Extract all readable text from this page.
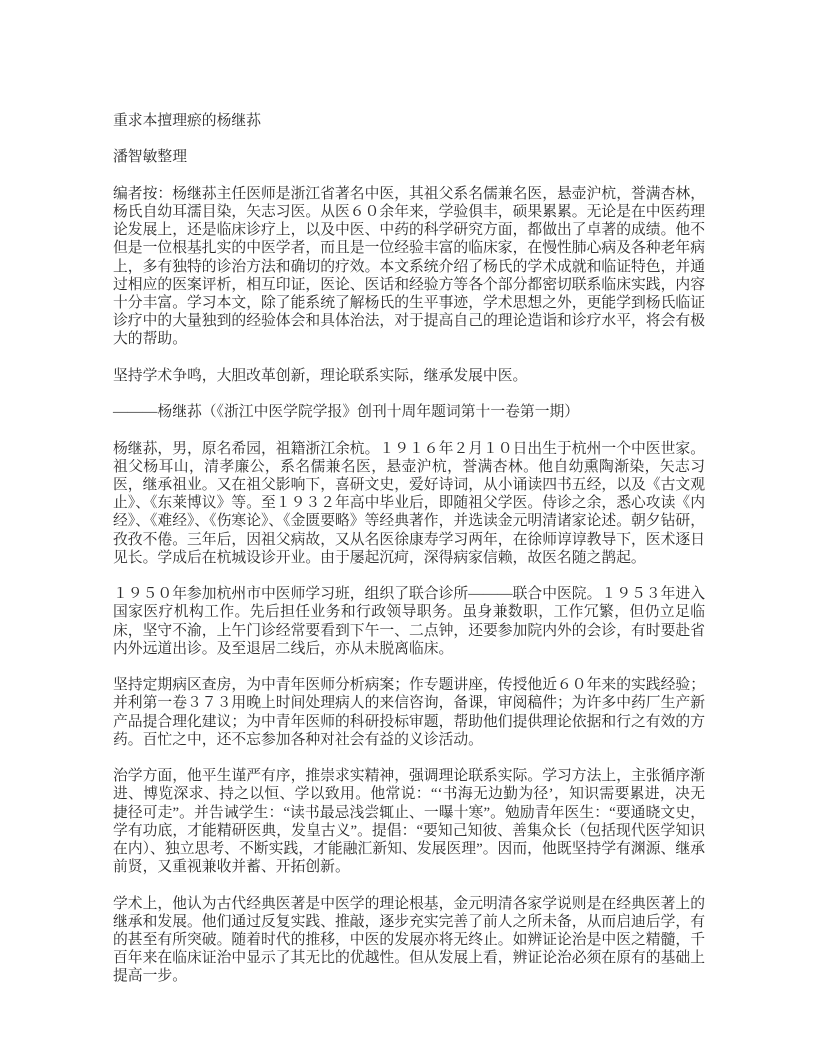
重求本擅理瘀的杨继荪

潘智敏整理

编者按：杨继荪主任医师是浙江省著名中医，其祖父系名儒兼名医，悬壶沪杭，誉满杏林，杨氏自幼耳濡目染，矢志习医。从医６０余年来，学验俱丰，硕果累累。无论是在中医药理论发展上，还是临床诊疗上，以及中医、中药的科学研究方面，都做出了卓著的成绩。他不但是一位根基扎实的中医学者，而且是一位经验丰富的临床家，在慢性肺心病及各种老年病上，多有独特的诊治方法和确切的疗效。本文系统介绍了杨氏的学术成就和临证特色，并通过相应的医案评析，相互印证，医论、医话和经验方等各个部分都密切联系临床实践，内容十分丰富。学习本文，除了能系统了解杨氏的生平事迹，学术思想之外，更能学到杨氏临证诊疗中的大量独到的经验体会和具体治法，对于提高自己的理论造诣和诊疗水平，将会有极大的帮助。

坚持学术争鸣，大胆改革创新，理论联系实际，继承发展中医。

———杨继荪（《浙江中医学院学报》创刊十周年题词第十一卷第一期）

杨继荪，男，原名希园，祖籍浙江余杭。１９１６年２月１０日出生于杭州一个中医世家。祖父杨耳山，清孝廉公，系名儒兼名医，悬壶沪杭，誉满杏林。他自幼熏陶渐染，矢志习医，继承祖业。又在祖父影响下，喜研文史，爱好诗词，从小诵读四书五经，以及《古文观止》、《东莱博议》等。至１９３２年高中毕业后，即随祖父学医。侍诊之余，悉心攻读《内经》、《难经》、《伤寒论》、《金匮要略》等经典著作，并选读金元明清诸家论述。朝夕钻研，孜孜不倦。三年后，因祖父病故，又从名医徐康寿学习两年，在徐师谆谆教导下，医术逐日见长。学成后在杭城设诊开业。由于屡起沉疴，深得病家信赖，故医名随之鹊起。

１９５０年参加杭州市中医师学习班，组织了联合诊所———联合中医院。１９５３年进入国家医疗机构工作。先后担任业务和行政领导职务。虽身兼数职，工作冗繁，但仍立足临床，坚守不渝，上午门诊经常要看到下午一、二点钟，还要参加院内外的会诊，有时要赴省内外远道出诊。及至退居二线后，亦从未脱离临床。

坚持定期病区查房，为中青年医师分析病案；作专题讲座，传授他近６０年来的实践经验；并利第一卷３７３用晚上时间处理病人的来信咨询，备课，审阅稿件；为许多中药厂生产新产品提合理化建议；为中青年医师的科研投标审题，帮助他们提供理论依据和行之有效的方药。百忙之中，还不忘参加各种对社会有益的义诊活动。

治学方面，他平生谨严有序，推崇求实精神，强调理论联系实际。学习方法上，主张循序渐进、博览深求、持之以恒、学以致用。他常说：“‘书海无边勤为径’，知识需要累进，决无捷径可走”。并告诫学生：“读书最忌浅尝辄止、一曝十寒”。勉励青年医生：“要通晓文史，学有功底，才能精研医典，发皇古义”。提倡：“要知己知彼、善集众长（包括现代医学知识在内）、独立思考、不断实践，才能融汇新知、发展医理”。因而，他既坚持学有渊源、继承前贤，又重视兼收并蓄、开拓创新。

学术上，他认为古代经典医著是中医学的理论根基，金元明清各家学说则是在经典医著上的继承和发展。他们通过反复实践、推敲，逐步充实完善了前人之所未备，从而启迪后学，有的甚至有所突破。随着时代的推移，中医的发展亦将无终止。如辨证论治是中医之精髓，千百年来在临床证治中显示了其无比的优越性。但从发展上看，辨证论治必须在原有的基础上提高一步。
